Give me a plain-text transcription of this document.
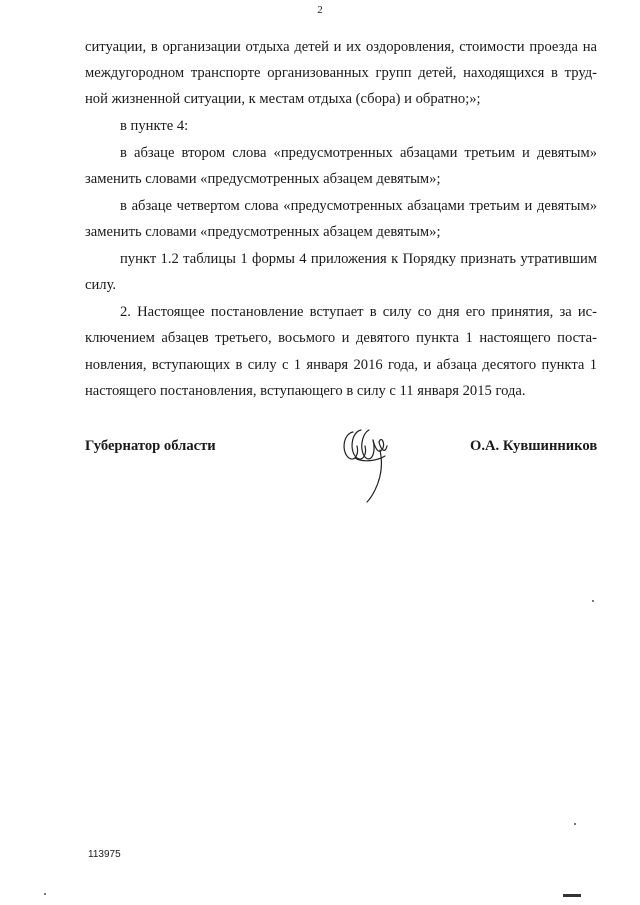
2
ситуации, в организации отдыха детей и их оздоровления, стоимости проезда на
междугородном транспорте организованных групп детей, находящихся в труд-
ной жизненной ситуации, к местам отдыха (сбора) и обратно;»;
в пункте 4:
в абзаце втором слова «предусмотренных абзацами третьим и девятым»
заменить словами «предусмотренных абзацем девятым»;
в абзаце четвертом слова «предусмотренных абзацами третьим и девятым»
заменить словами «предусмотренных абзацем девятым»;
пункт 1.2 таблицы 1 формы 4 приложения к Порядку признать утратившим
силу.
2. Настоящее постановление вступает в силу со дня его принятия, за ис-
ключением абзацев третьего, восьмого и девятого пункта 1 настоящего поста-
новления, вступающих в силу с 1 января 2016 года, и абзаца десятого пункта 1
настоящего постановления, вступающего в силу с 11 января 2015 года.
Губернатор области	О.А. Кувшинников
113975
